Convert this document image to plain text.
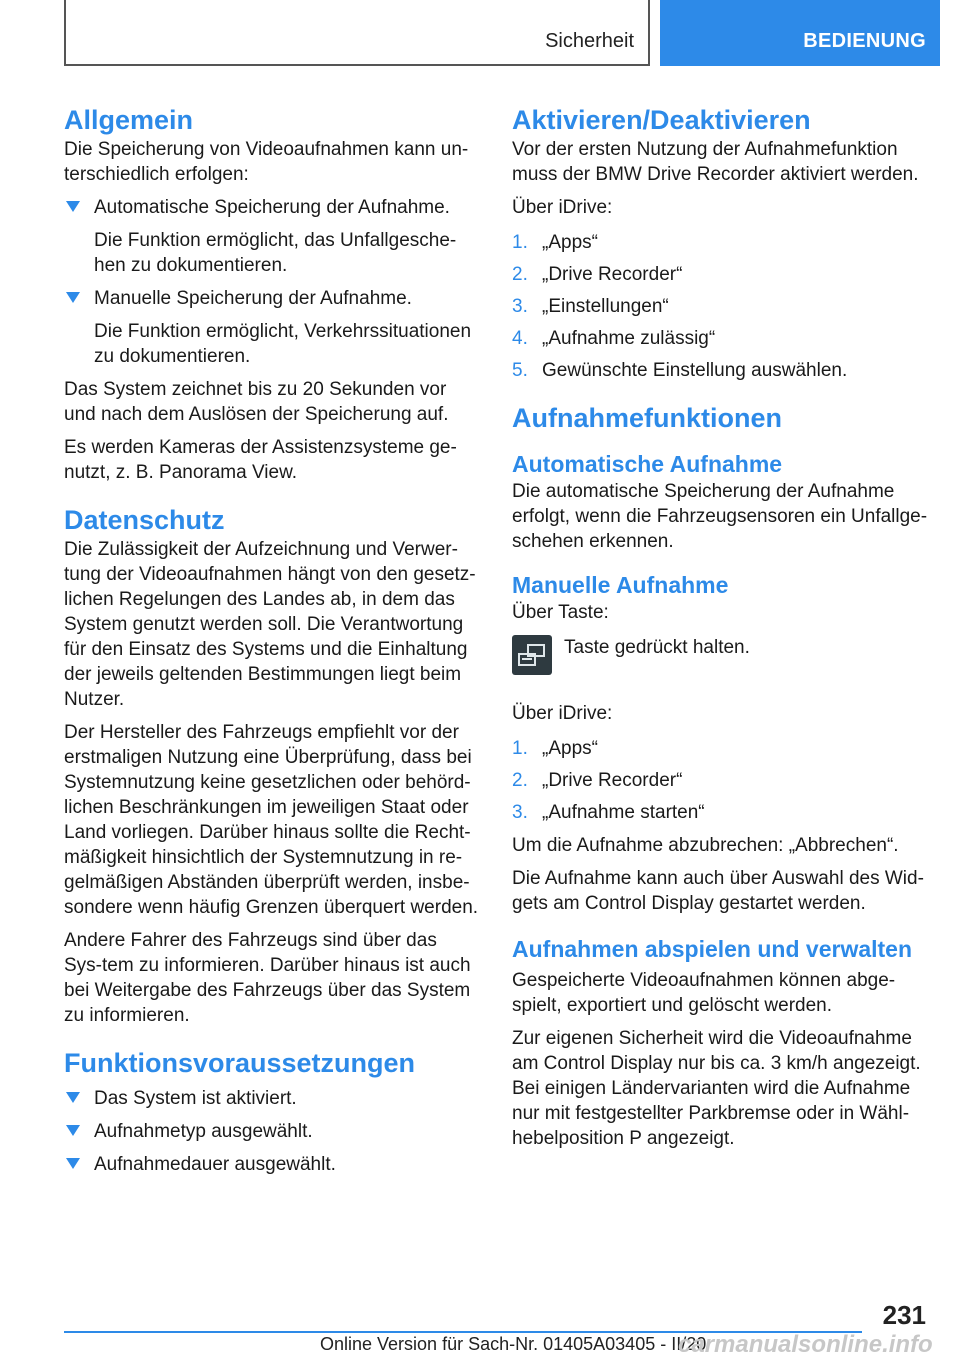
Sicherheit	BEDIENUNG
Allgemein

Die Speicherung von Videoaufnahmen kann un-terschiedlich erfolgen:

Automatische Speicherung der Aufnahme.
Die Funktion ermöglicht, das Unfallgesche-hen zu dokumentieren.
Manuelle Speicherung der Aufnahme.
Die Funktion ermöglicht, Verkehrssituationen zu dokumentieren.

Das System zeichnet bis zu 20 Sekunden vor und nach dem Auslösen der Speicherung auf.

Es werden Kameras der Assistenzsysteme ge-nutzt, z. B. Panorama View.

Datenschutz

Die Zulässigkeit der Aufzeichnung und Verwer-tung der Videoaufnahmen hängt von den gesetz-lichen Regelungen des Landes ab, in dem das System genutzt werden soll. Die Verantwortung für den Einsatz des Systems und die Einhaltung der jeweils geltenden Bestimmungen liegt beim Nutzer.

Der Hersteller des Fahrzeugs empfiehlt vor der erstmaligen Nutzung eine Überprüfung, dass bei Systemnutzung keine gesetzlichen oder behörd-lichen Beschränkungen im jeweiligen Staat oder Land vorliegen. Darüber hinaus sollte die Recht-mäßigkeit hinsichtlich der Systemnutzung in re-gelmäßigen Abständen überprüft werden, insbe-sondere wenn häufig Grenzen überquert werden.

Andere Fahrer des Fahrzeugs sind über das Sys-tem zu informieren. Darüber hinaus ist auch bei Weitergabe des Fahrzeugs über das System zu informieren.

Funktionsvoraussetzungen
Das System ist aktiviert.
Aufnahmetyp ausgewählt.
Aufnahmedauer ausgewählt.
Aktivieren/Deaktivieren

Vor der ersten Nutzung der Aufnahmefunktion muss der BMW Drive Recorder aktiviert werden.

Über iDrive:

1. „Apps“
2. „Drive Recorder“
3. „Einstellungen“
4. „Aufnahme zulässig“
5. Gewünschte Einstellung auswählen.
Aufnahmefunktionen
Automatische Aufnahme

Die automatische Speicherung der Aufnahme erfolgt, wenn die Fahrzeugsensoren ein Unfallge-schehen erkennen.

Manuelle Aufnahme

Über Taste:

Taste gedrückt halten.

Über iDrive:

1. „Apps“
2. „Drive Recorder“
3. „Aufnahme starten“

Um die Aufnahme abzubrechen: „Abbrechen“.

Die Aufnahme kann auch über Auswahl des Wid-gets am Control Display gestartet werden.

Aufnahmen abspielen und verwalten

Gespeicherte Videoaufnahmen können abge-spielt, exportiert und gelöscht werden.

Zur eigenen Sicherheit wird die Videoaufnahme am Control Display nur bis ca. 3 km/h angezeigt. Bei einigen Ländervarianten wird die Aufnahme nur mit festgestellter Parkbremse oder in Wähl-hebelposition P angezeigt.

231
Online Version für Sach-Nr. 01405A03405 - II/20
carmanualsonline.info
